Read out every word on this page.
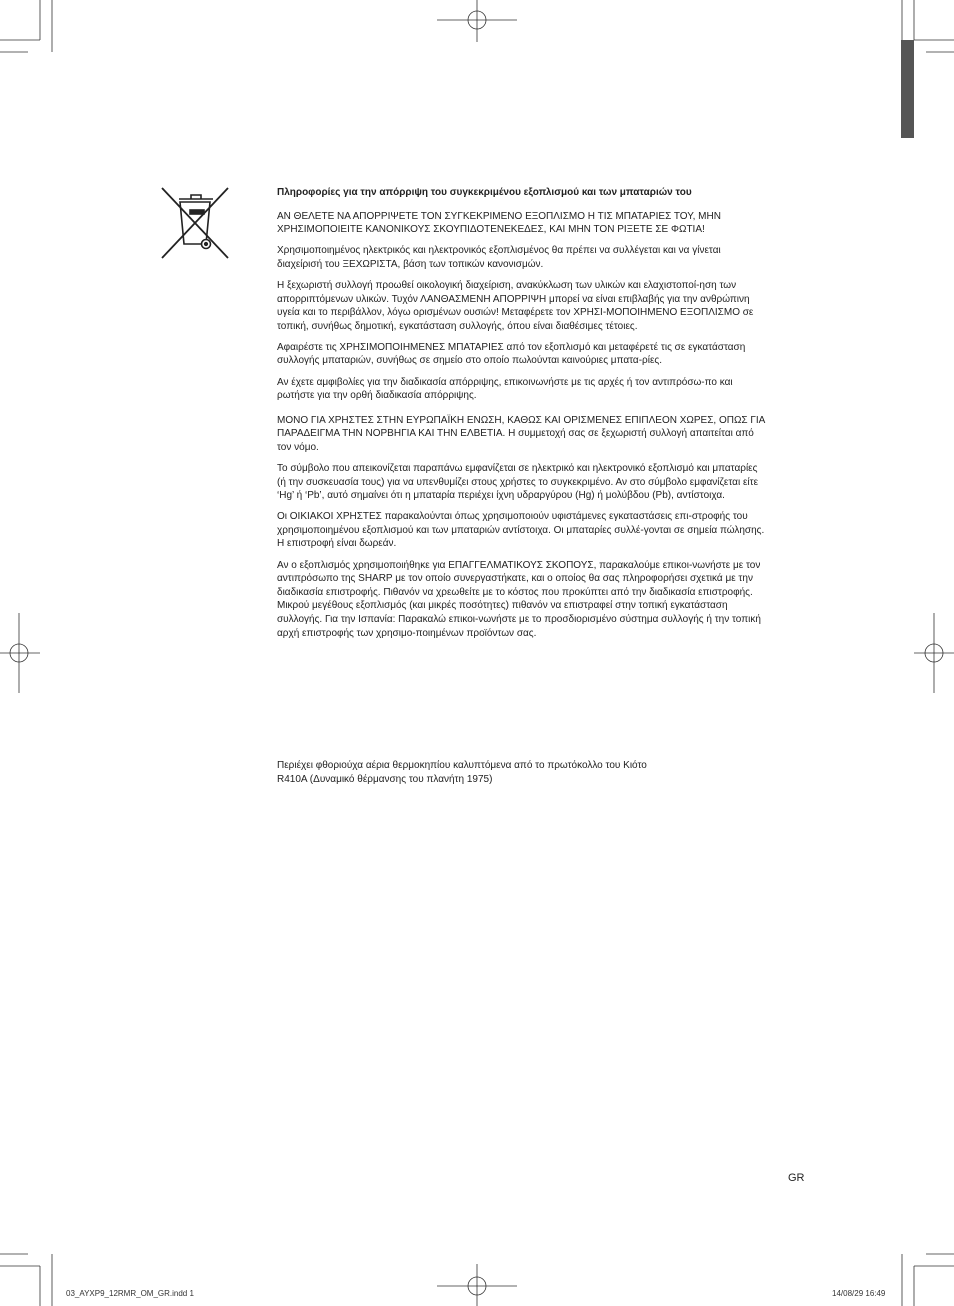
Πληροφορίες για την απόρριψη του συγκεκριμένου εξοπλισμού και των μπαταριών του

ΑΝ ΘΕΛΕΤΕ ΝΑ ΑΠΟΡΡΙΨΕΤΕ ΤΟΝ ΣΥΓΚΕΚΡΙΜΕΝΟ ΕΞΟΠΛΙΣΜΟ Η ΤΙΣ ΜΠΑΤΑΡΙΕΣ ΤΟΥ, ΜΗΝ ΧΡΗΣΙΜΟΠΟΙΕΙΤΕ ΚΑΝΟΝΙΚΟΥΣ ΣΚΟΥΠΙΔΟΤΕΝΕΚΕΔΕΣ, ΚΑΙ ΜΗΝ ΤΟΝ ΡΙΞΕΤΕ ΣΕ ΦΩΤΙΑ!

Χρησιμοποιημένος ηλεκτρικός και ηλεκτρονικός εξοπλισμένος θα πρέπει να συλλέγεται και να γίνεται διαχείρισή του ΞΕΧΩΡΙΣΤΑ, βάση των τοπικών κανονισμών.

Η ξεχωριστή συλλογή προωθεί οικολογική διαχείριση, ανακύκλωση των υλικών και ελαχιστοποί-ηση των απορριπτόμενων υλικών. Τυχόν ΛΑΝΘΑΣΜΕΝΗ ΑΠΟΡΡΙΨΗ μπορεί να είναι επιβλαβής για την ανθρώπινη υγεία και το περιβάλλον, λόγω ορισμένων ουσιών! Μεταφέρετε τον ΧΡΗΣΙ-ΜΟΠΟΙΗΜΕΝΟ ΕΞΟΠΛΙΣΜΟ σε τοπική, συνήθως δημοτική, εγκατάσταση συλλογής, όπου είναι διαθέσιμες τέτοιες.

Αφαιρέστε τις ΧΡΗΣΙΜΟΠΟΙΗΜΕΝΕΣ ΜΠΑΤΑΡΙΕΣ από τον εξοπλισμό και μεταφέρετέ τις σε εγκατάσταση συλλογής μπαταριών, συνήθως σε σημείο στο οποίο πωλούνται καινούριες μπατα-ρίες.

Αν έχετε αμφιβολίες για την διαδικασία απόρριψης, επικοινωνήστε με τις αρχές ή τον αντιπρόσω-πο και ρωτήστε για την ορθή διαδικασία απόρριψης.

ΜΟΝΟ ΓΙΑ ΧΡΗΣΤΕΣ ΣΤΗΝ ΕΥΡΩΠΑΪΚΗ ΕΝΩΣΗ, ΚΑΘΩΣ ΚΑΙ ΟΡΙΣΜΕΝΕΣ ΕΠΙΠΛΕΟΝ ΧΩΡΕΣ, ΟΠΩΣ ΓΙΑ ΠΑΡΑΔΕΙΓΜΑ ΤΗΝ ΝΟΡΒΗΓΙΑ ΚΑΙ ΤΗΝ ΕΛΒΕΤΙΑ. Η συμμετοχή σας σε ξεχωριστή συλλογή απαιτείται από τον νόμο.

Το σύμβολο που απεικονίζεται παραπάνω εμφανίζεται σε ηλεκτρικό και ηλεκτρονικό εξοπλισμό και μπαταρίες (ή την συσκευασία τους) για να υπενθυμίζει στους χρήστες το συγκεκριμένο. Αν στο σύμβολο εμφανίζεται είτε ‘Hg’ ή ‘Pb’, αυτό σημαίνει ότι η μπαταρία περιέχει ίχνη υδραργύρου (Hg) ή μολύβδου (Pb), αντίστοιχα.

Οι ΟΙΚΙΑΚΟΙ ΧΡΗΣΤΕΣ παρακαλούνται όπως χρησιμοποιούν υφιστάμενες εγκαταστάσεις επι-στροφής του χρησιμοποιημένου εξοπλισμού και των μπαταριών αντίστοιχα. Οι μπαταρίες συλλέ-γονται σε σημεία πώλησης. Η επιστροφή είναι δωρεάν.

Αν ο εξοπλισμός χρησιμοποιήθηκε για ΕΠΑΓΓΕΛΜΑΤΙΚΟΥΣ ΣΚΟΠΟΥΣ, παρακαλούμε επικοι-νωνήστε με τον αντιπρόσωπο της SHARP με τον οποίο συνεργαστήκατε, και ο οποίος θα σας πληροφορήσει σχετικά με την διαδικασία επιστροφής. Πιθανόν να χρεωθείτε με το κόστος που προκύπτει από την διαδικασία επιστροφής. Μικρού μεγέθους εξοπλισμός (και μικρές ποσότητες) πιθανόν να επιστραφεί στην τοπική εγκατάσταση συλλογής. Για την Ισπανία: Παρακαλώ επικοι-νωνήστε με το προσδιορισμένο σύστημα συλλογής ή την τοπική αρχή επιστροφής των χρησιμο-ποιημένων προϊόντων σας.

Περιέχει φθοριούχα αέρια θερμοκηπίου καλυπτόμενα από το πρωτόκολλο του Κιότο
R410A (Δυναμικό θέρμανσης του πλανήτη 1975)
GR
03_AYXP9_12RMR_OM_GR.indd 1	14/08/29 16:49
